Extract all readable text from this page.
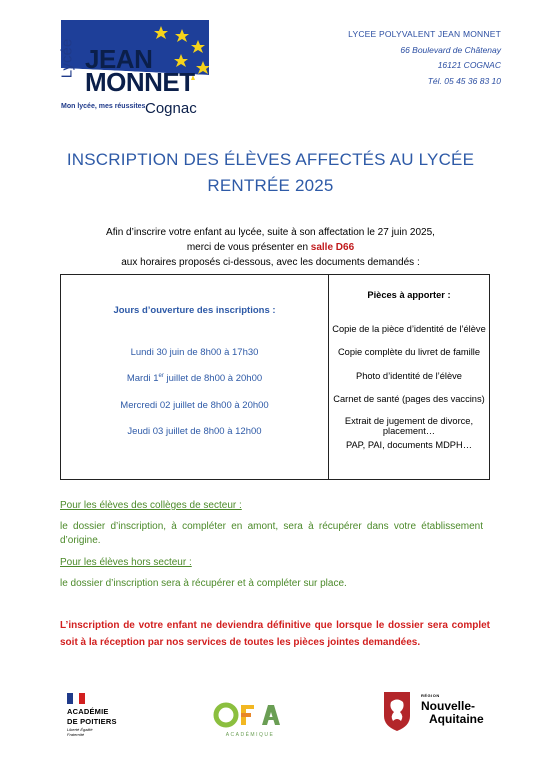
Lycée JEAN
MONNET
Mon lycée, mes réussites Cognac
LYCEE POLYVALENT JEAN MONNET
66 Boulevard de Châtenay
16121 COGNAC
Tél. 05 45 36 83 10
INSCRIPTION DES ÉLÈVES AFFECTÉS AU LYCÉE
RENTRÉE 2025
Afin d’inscrire votre enfant au lycée, suite à son affectation le 27 juin 2025,
merci de vous présenter en salle D66
aux horaires proposés ci-dessous, avec les documents demandés :
Jours d’ouverture des inscriptions :
Lundi 30 juin de 8h00 à 17h30
Mardi 1er juillet de 8h00 à 20h00
Mercredi 02 juillet de 8h00 à 20h00
Jeudi 03 juillet de 8h00 à 12h00
Pièces à apporter :
Copie de la pièce d’identité de l’élève
Copie complète du livret de famille
Photo d’identité de l’élève
Carnet de santé (pages des vaccins)
Extrait de jugement de divorce, placement…
PAP, PAI, documents MDPH…
Pour les élèves des collèges de secteur :
le dossier d’inscription, à compléter en amont, sera à récupérer dans votre établissement d’origine.
Pour les élèves hors secteur :
le dossier d’inscription sera à récupérer et à compléter sur place.
L’inscription de votre enfant ne deviendra définitive que lorsque le dossier sera complet soit à la réception par nos services de toutes les pièces jointes demandées.
ACADÉMIE
DE POITIERS
Liberté Égalité Fraternité	ACADÉMIQUE
RÉGION
Nouvelle-
Aquitaine
